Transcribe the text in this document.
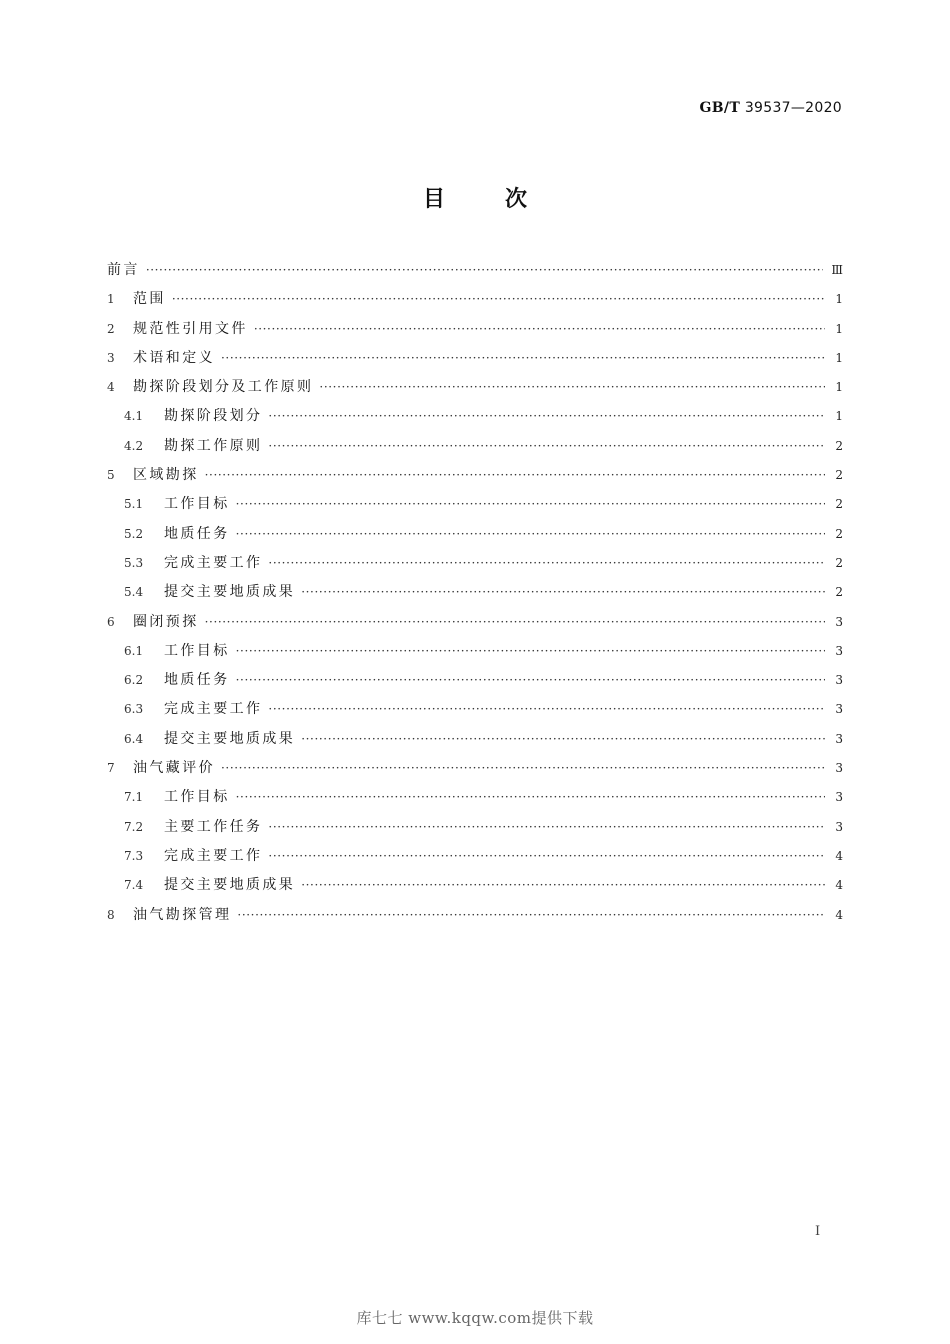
GB/T 39537—2020
目	次
前言 ·····	Ⅲ
1	范围 ·····	1
2	规范性引用文件 ·····	1
3	术语和定义 ·····	1
4	勘探阶段划分及工作原则 ·····	1
4.1	勘探阶段划分 ·····	1
4.2	勘探工作原则 ·····	2
5	区域勘探 ·····	2
5.1	工作目标 ·····	2
5.2	地质任务 ·····	2
5.3	完成主要工作 ·····	2
5.4	提交主要地质成果 ·····	2
6	圈闭预探 ·····	3
6.1	工作目标 ·····	3
6.2	地质任务 ·····	3
6.3	完成主要工作 ·····	3
6.4	提交主要地质成果 ·····	3
7	油气藏评价 ·····	3
7.1	工作目标 ·····	3
7.2	主要工作任务 ·····	3
7.3	完成主要工作 ·····	4
7.4	提交主要地质成果 ·····	4
8	油气勘探管理 ·····	4
I
库七七 www.kqqw.com提供下载
